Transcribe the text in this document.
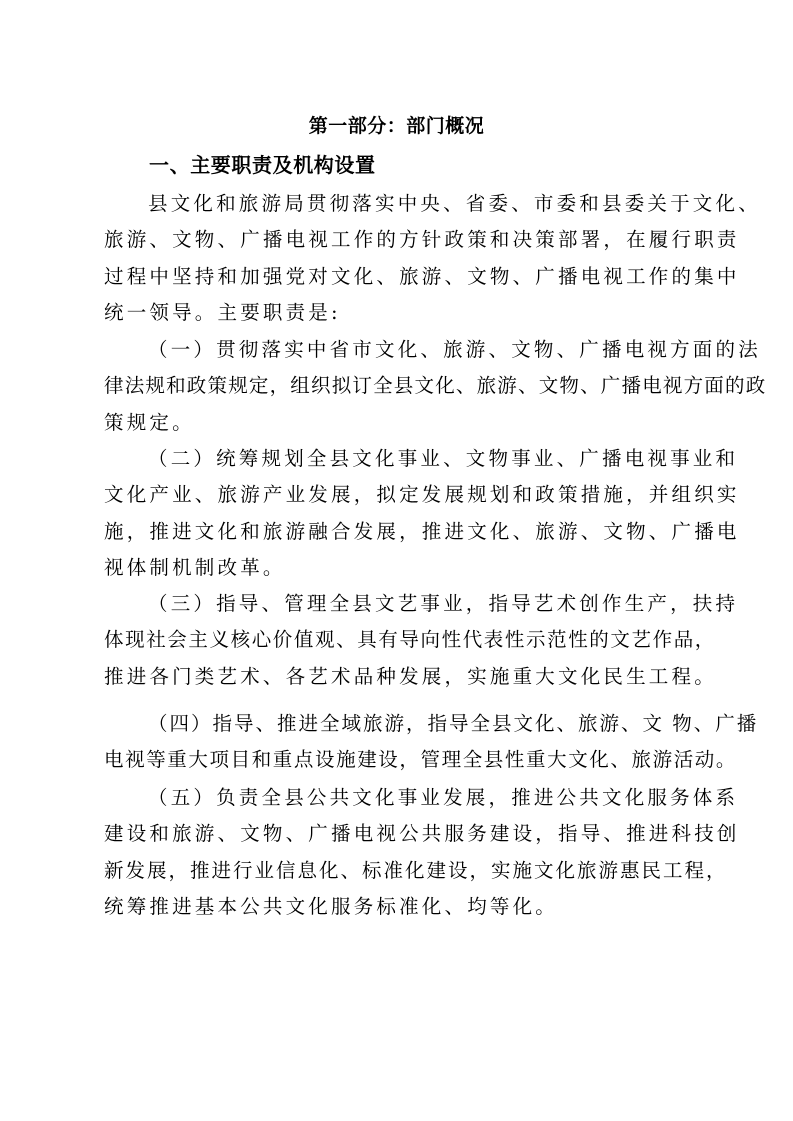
第一部分：部门概况
一、主要职责及机构设置
县文化和旅游局贯彻落实中央、省委、市委和县委关于文化、
旅游、文物、广播电视工作的方针政策和决策部署，在履行职责
过程中坚持和加强党对文化、旅游、文物、广播电视工作的集中
统一领导。主要职责是:
（一）贯彻落实中省市文化、旅游、文物、广播电视方面的法
律法规和政策规定，组织拟订全县文化、旅游、文物、广播电视方面的政
策规定。
（二）统筹规划全县文化事业、文物事业、广播电视事业和
文化产业、旅游产业发展，拟定发展规划和政策措施，并组织实
施，推进文化和旅游融合发展，推进文化、旅游、文物、广播电
视体制机制改革。
（三）指导、管理全县文艺事业，指导艺术创作生产，扶持
体现社会主义核心价值观、具有导向性代表性示范性的文艺作品，
推进各门类艺术、各艺术品种发展，实施重大文化民生工程。
（四）指导、推进全域旅游，指导全县文化、旅游、文 物、广播
电视等重大项目和重点设施建设，管理全县性重大文化、旅游活动。
（五）负责全县公共文化事业发展，推进公共文化服务体系
建设和旅游、文物、广播电视公共服务建设，指导、推进科技创
新发展，推进行业信息化、标准化建设，实施文化旅游惠民工程，
统筹推进基本公共文化服务标准化、均等化。
